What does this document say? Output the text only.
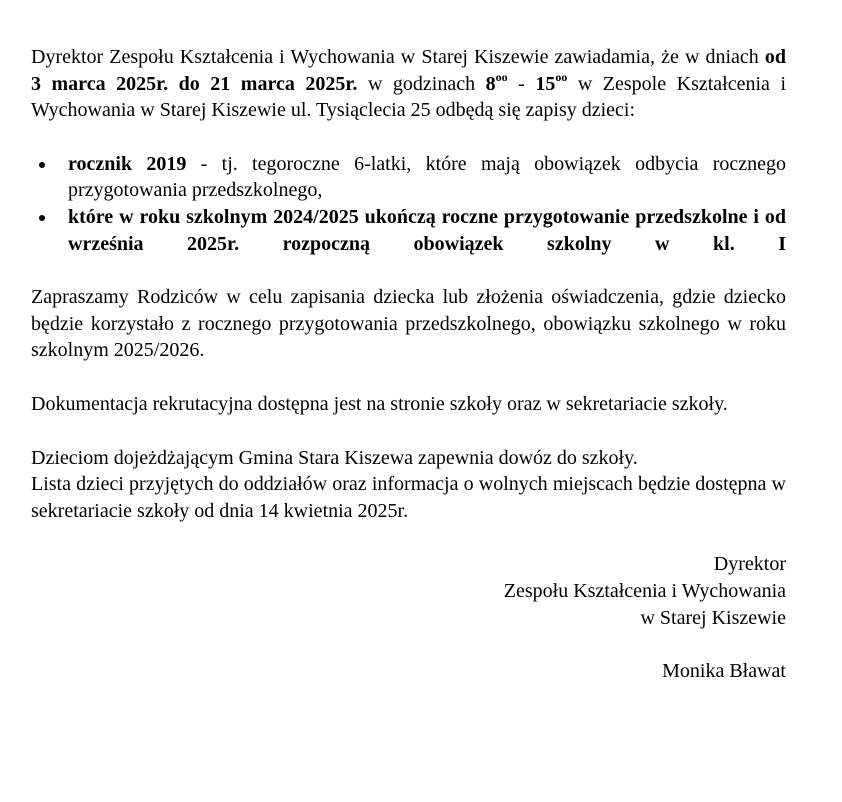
Dyrektor Zespołu Kształcenia i Wychowania w Starej Kiszewie zawiadamia, że w dniach od 3 marca 2025r. do 21 marca 2025r. w godzinach $8^{oo} - 15^{oo}$ w Zespole Kształcenia i Wychowania w Starej Kiszewie ul. Tysiąclecia 25 odbędą się zapisy dzieci:

rocznik 2019 - tj. tegoroczne 6-latki, które mają obowiązek odbycia rocznego przygotowania przedszkolnego,
które w roku szkolnym 2024/2025 ukończą roczne przygotowanie przedszkolne i od września 2025r. rozpoczną obowiązek szkolny w kl. I

Zapraszamy Rodziców w celu zapisania dziecka lub złożenia oświadczenia, gdzie dziecko będzie korzystało z rocznego przygotowania przedszkolnego, obowiązku szkolnego w roku szkolnym 2025/2026.

Dokumentacja rekrutacyjna dostępna jest na stronie szkoły oraz w sekretariacie szkoły.

Dzieciom dojeżdżającym Gmina Stara Kiszewa zapewnia dowóz do szkoły.

Lista dzieci przyjętych do oddziałów oraz informacja o wolnych miejscach będzie dostępna w sekretariacie szkoły od dnia 14 kwietnia 2025r.

Dyrektor
Zespołu Kształcenia i Wychowania
w Starej Kiszewie
Monika Bławat
